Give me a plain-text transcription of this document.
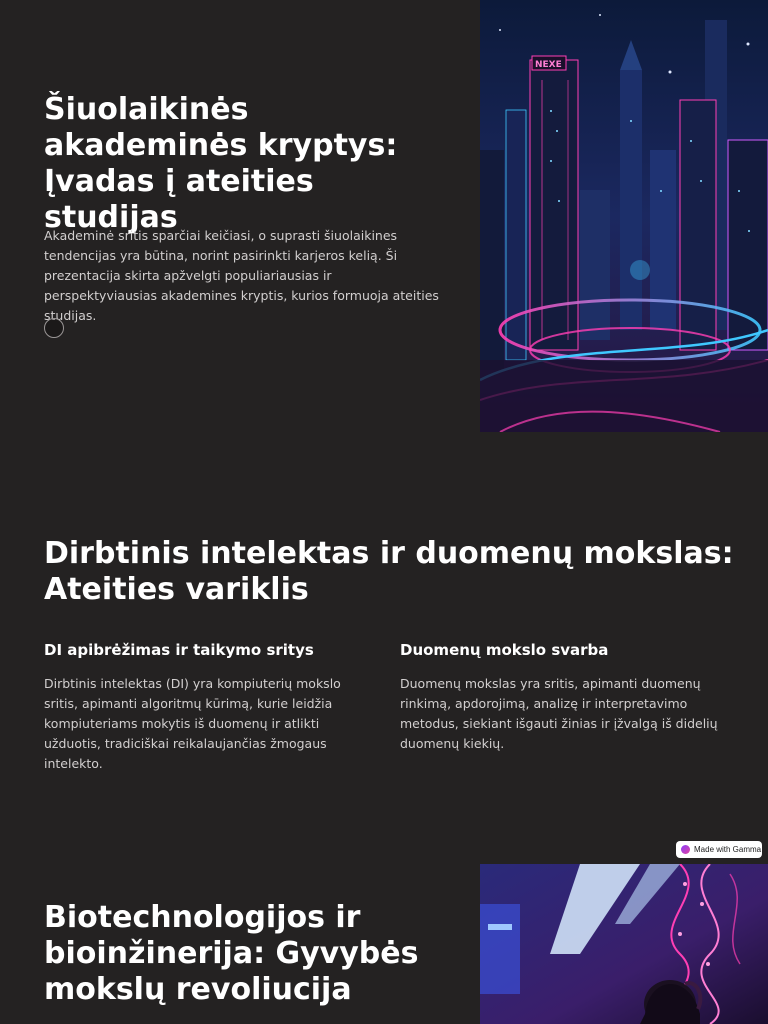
Šiuolaikinės akademinės kryptys: Įvadas į ateities studijas

Akademinė sritis sparčiai keičiasi, o suprasti šiuolaikines tendencijas yra būtina, norint pasirinkti karjeros kelią. Ši prezentacija skirta apžvelgti populiariausias ir perspektyviausias akademines kryptis, kurios formuoja ateities studijas.

NEXE
Dirbtinis intelektas ir duomenų mokslas: Ateities variklis
DI apibrėžimas ir taikymo sritys

Dirbtinis intelektas (DI) yra kompiuterių mokslo sritis, apimanti algoritmų kūrimą, kurie leidžia kompiuteriams mokytis iš duomenų ir atlikti užduotis, tradiciškai reikalaujančias žmogaus intelekto.

Duomenų mokslo svarba

Duomenų mokslas yra sritis, apimanti duomenų rinkimą, apdorojimą, analizę ir interpretavimo metodus, siekiant išgauti žinias ir įžvalgą iš didelių duomenų kiekių.

Made with Gamma
Biotechnologijos ir bioinžinerija: Gyvybės mokslų revoliucija
